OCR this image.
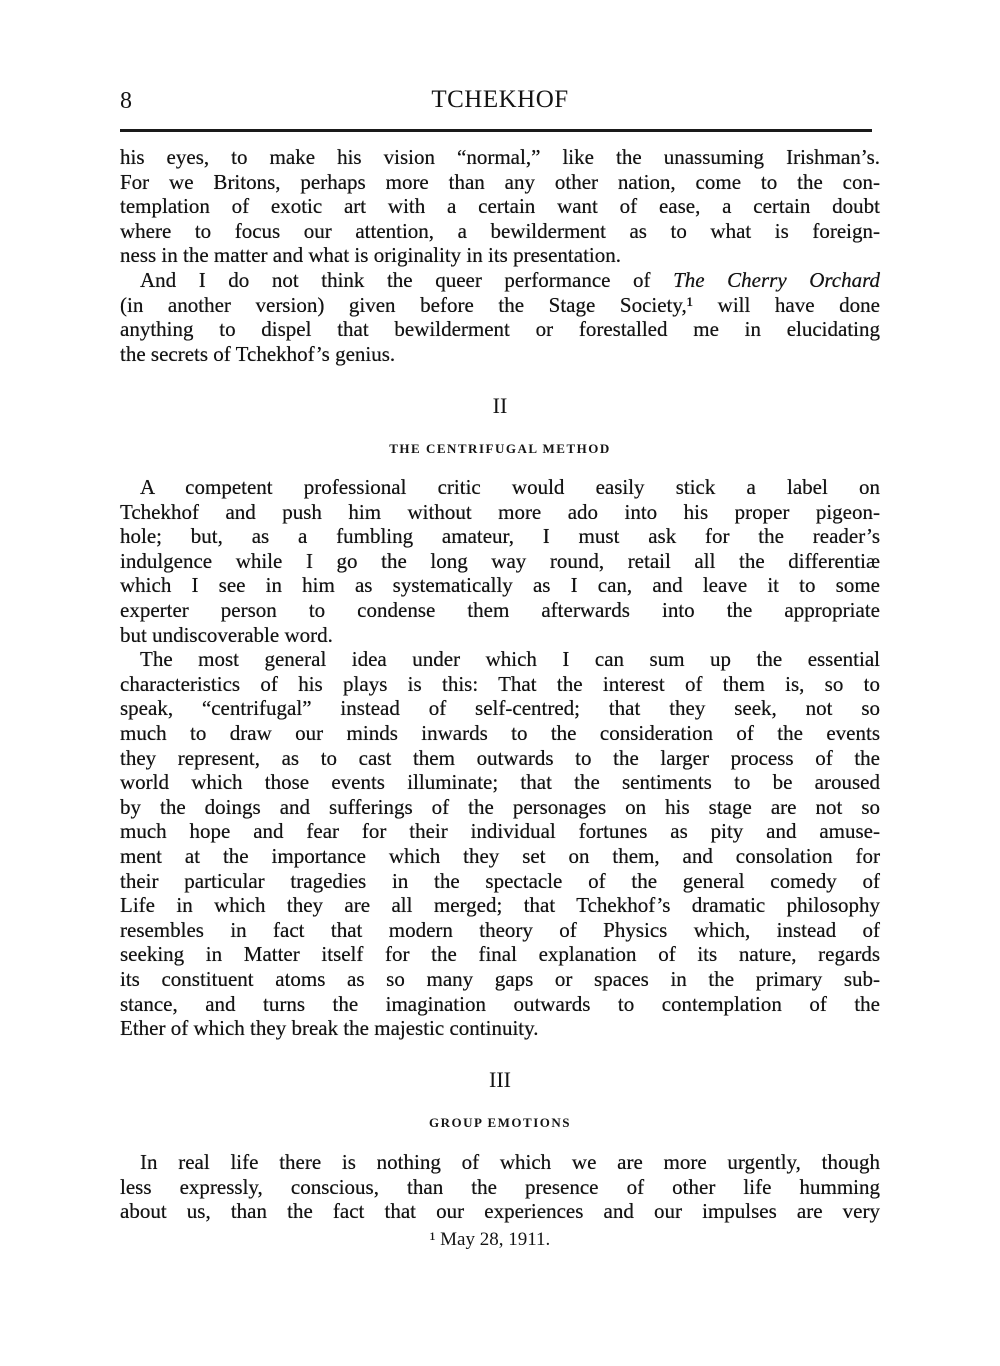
8	TCHEKHOF
II
THE CENTRIFUGAL METHOD
III
GROUP EMOTIONS
his eyes, to make his vision “normal,” like the unassuming Irishman’s.
For we Britons, perhaps more than any other nation, come to the con-
templation of exotic art with a certain want of ease, a certain doubt
where to focus our attention, a bewilderment as to what is foreign-
ness in the matter and what is originality in its presentation.
And I do not think the queer performance of The Cherry Orchard
(in another version) given before the Stage Society,¹ will have done
anything to dispel that bewilderment or forestalled me in elucidating
the secrets of Tchekhof’s genius.
A competent professional critic would easily stick a label on
Tchekhof and push him without more ado into his proper pigeon-
hole; but, as a fumbling amateur, I must ask for the reader’s
indulgence while I go the long way round, retail all the differentiæ
which I see in him as systematically as I can, and leave it to some
experter person to condense them afterwards into the appropriate
but undiscoverable word.
The most general idea under which I can sum up the essential
characteristics of his plays is this: That the interest of them is, so to
speak, “centrifugal” instead of self-centred; that they seek, not so
much to draw our minds inwards to the consideration of the events
they represent, as to cast them outwards to the larger process of the
world which those events illuminate; that the sentiments to be aroused
by the doings and sufferings of the personages on his stage are not so
much hope and fear for their individual fortunes as pity and amuse-
ment at the importance which they set on them, and consolation for
their particular tragedies in the spectacle of the general comedy of
Life in which they are all merged; that Tchekhof’s dramatic philosophy
resembles in fact that modern theory of Physics which, instead of
seeking in Matter itself for the final explanation of its nature, regards
its constituent atoms as so many gaps or spaces in the primary sub-
stance, and turns the imagination outwards to contemplation of the
Ether of which they break the majestic continuity.
In real life there is nothing of which we are more urgently, though
less expressly, conscious, than the presence of other life humming
about us, than the fact that our experiences and our impulses are very
¹ May 28, 1911.
